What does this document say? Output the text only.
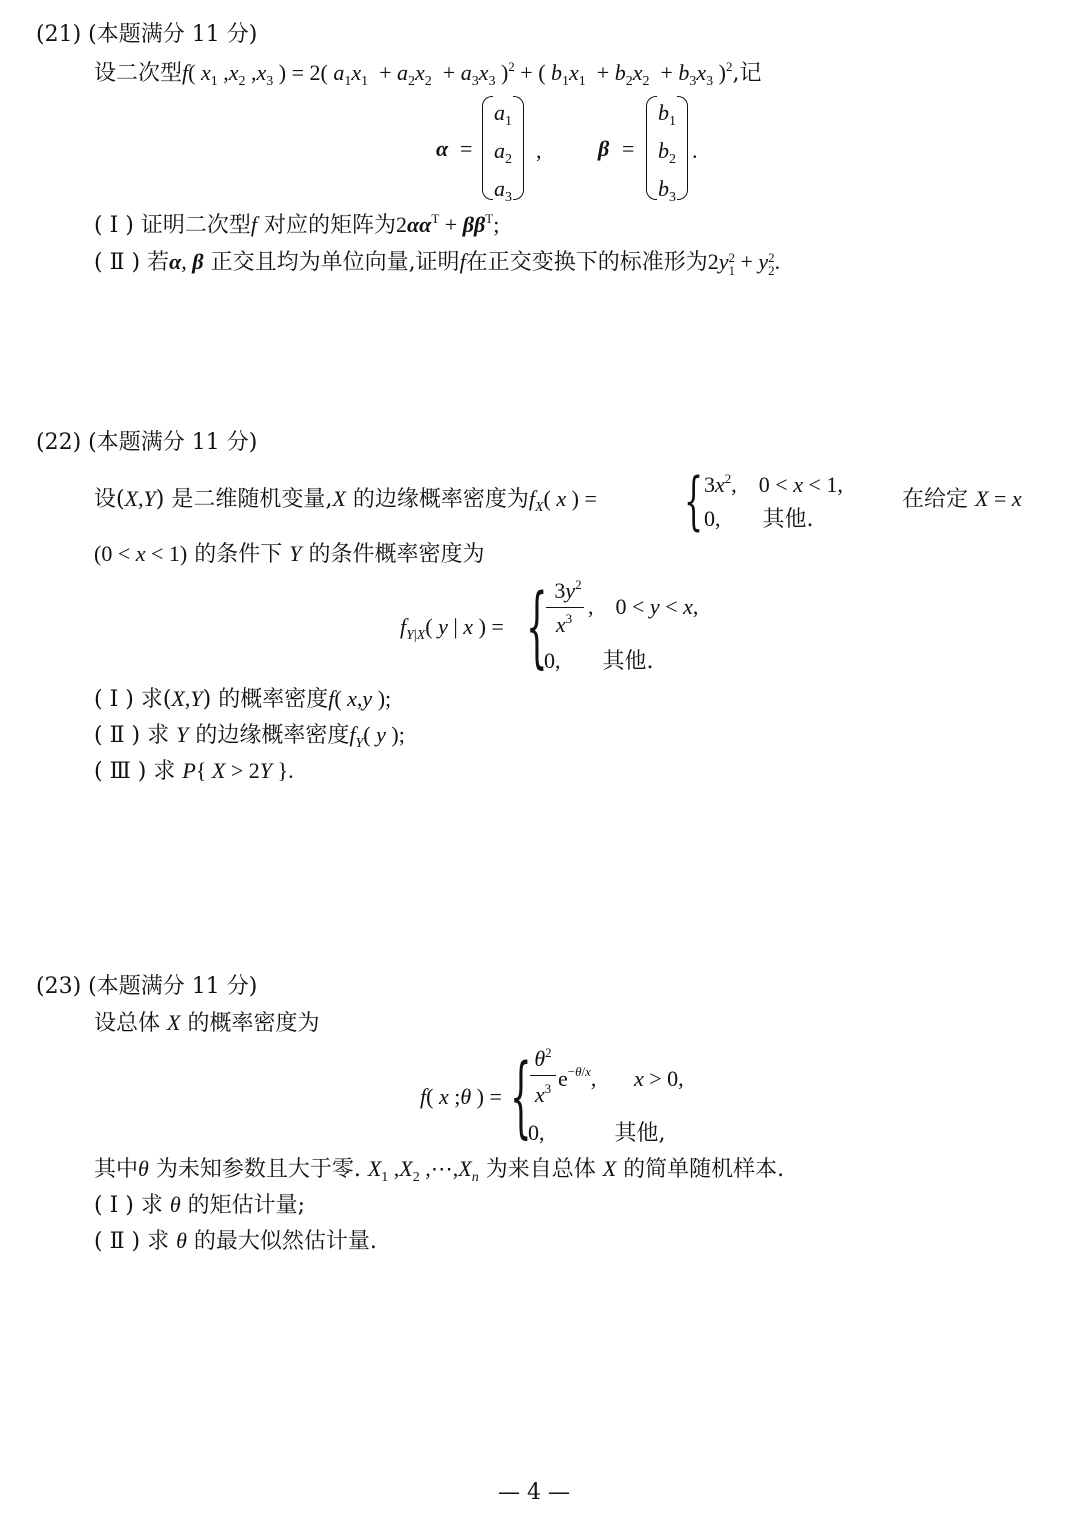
(21) (本题满分 11 分)
设二次型f( $x_1$ $,x_2$ $,x_3$ ) = 2( $a_1x_1 + a_2x_2 + a_3x_3$ )$^2$ + ( $b_1x_1 + b_2x_2 + b_3x_3$ )$^2$,记
α =
$a_1$
$a_2$
$a_3$
,	β =
$b_1$
$b_2$
$b_3$
.
( Ⅰ ) 证明二次型f 对应的矩阵为$2\alpha\alpha^T + \beta\beta^T$;
( Ⅱ ) 若α, β 正交且均为单位向量,证明f在正交变换下的标准形为2y2
1 + y2
2.
(22) (本题满分 11 分)
设(X,Y) 是二维随机变量,X 的边缘概率密度为$f_X$( x ) =	{ $3x^2$,    0 < x < 1,
0, 其他.
在给定 X = x
(0 < x < 1) 的条件下 Y 的条件概率密度为
$f_{Y|X}$( y | x ) = { $3y^2$
$x^3$ ,    0 < y < x,
0, 其他.
( Ⅰ ) 求(X,Y) 的概率密度f( x,y );
( Ⅱ ) 求 Y 的边缘概率密度$f_Y$( y );
( Ⅲ ) 求 P{ X > 2Y }.
(23) (本题满分 11 分)
设总体 X 的概率密度为
f( x ;θ ) = { $\theta^2$
$x^3$ $e^{-\theta/x}$, x > 0,
0,	其他,
其中θ 为未知参数且大于零. $X_1$ $,X_2$ $,\cdots,X_n$ 为来自总体 X 的简单随机样本.
( Ⅰ ) 求 θ 的矩估计量;
( Ⅱ ) 求 θ 的最大似然估计量.
— 4 —
